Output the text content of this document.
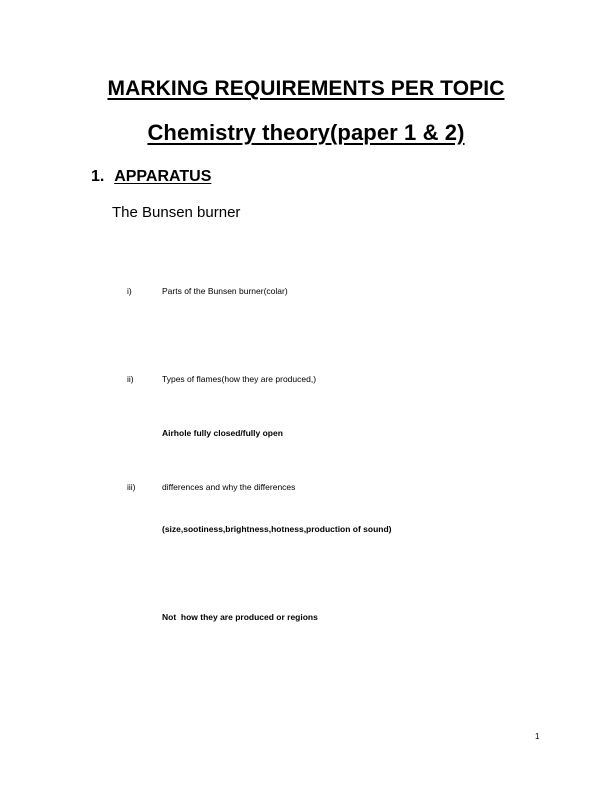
MARKING REQUIREMENTS PER TOPIC
Chemistry theory(paper 1 & 2)
1. APPARATUS
The Bunsen burner
i)	Parts of the Bunsen burner(colar)
ii)	Types of flames(how they are produced,)
Airhole fully closed/fully open
iii)	differences and why the differences
(size,sootiness,brightness,hotness,production of sound)
Not  how they are produced or regions
1
